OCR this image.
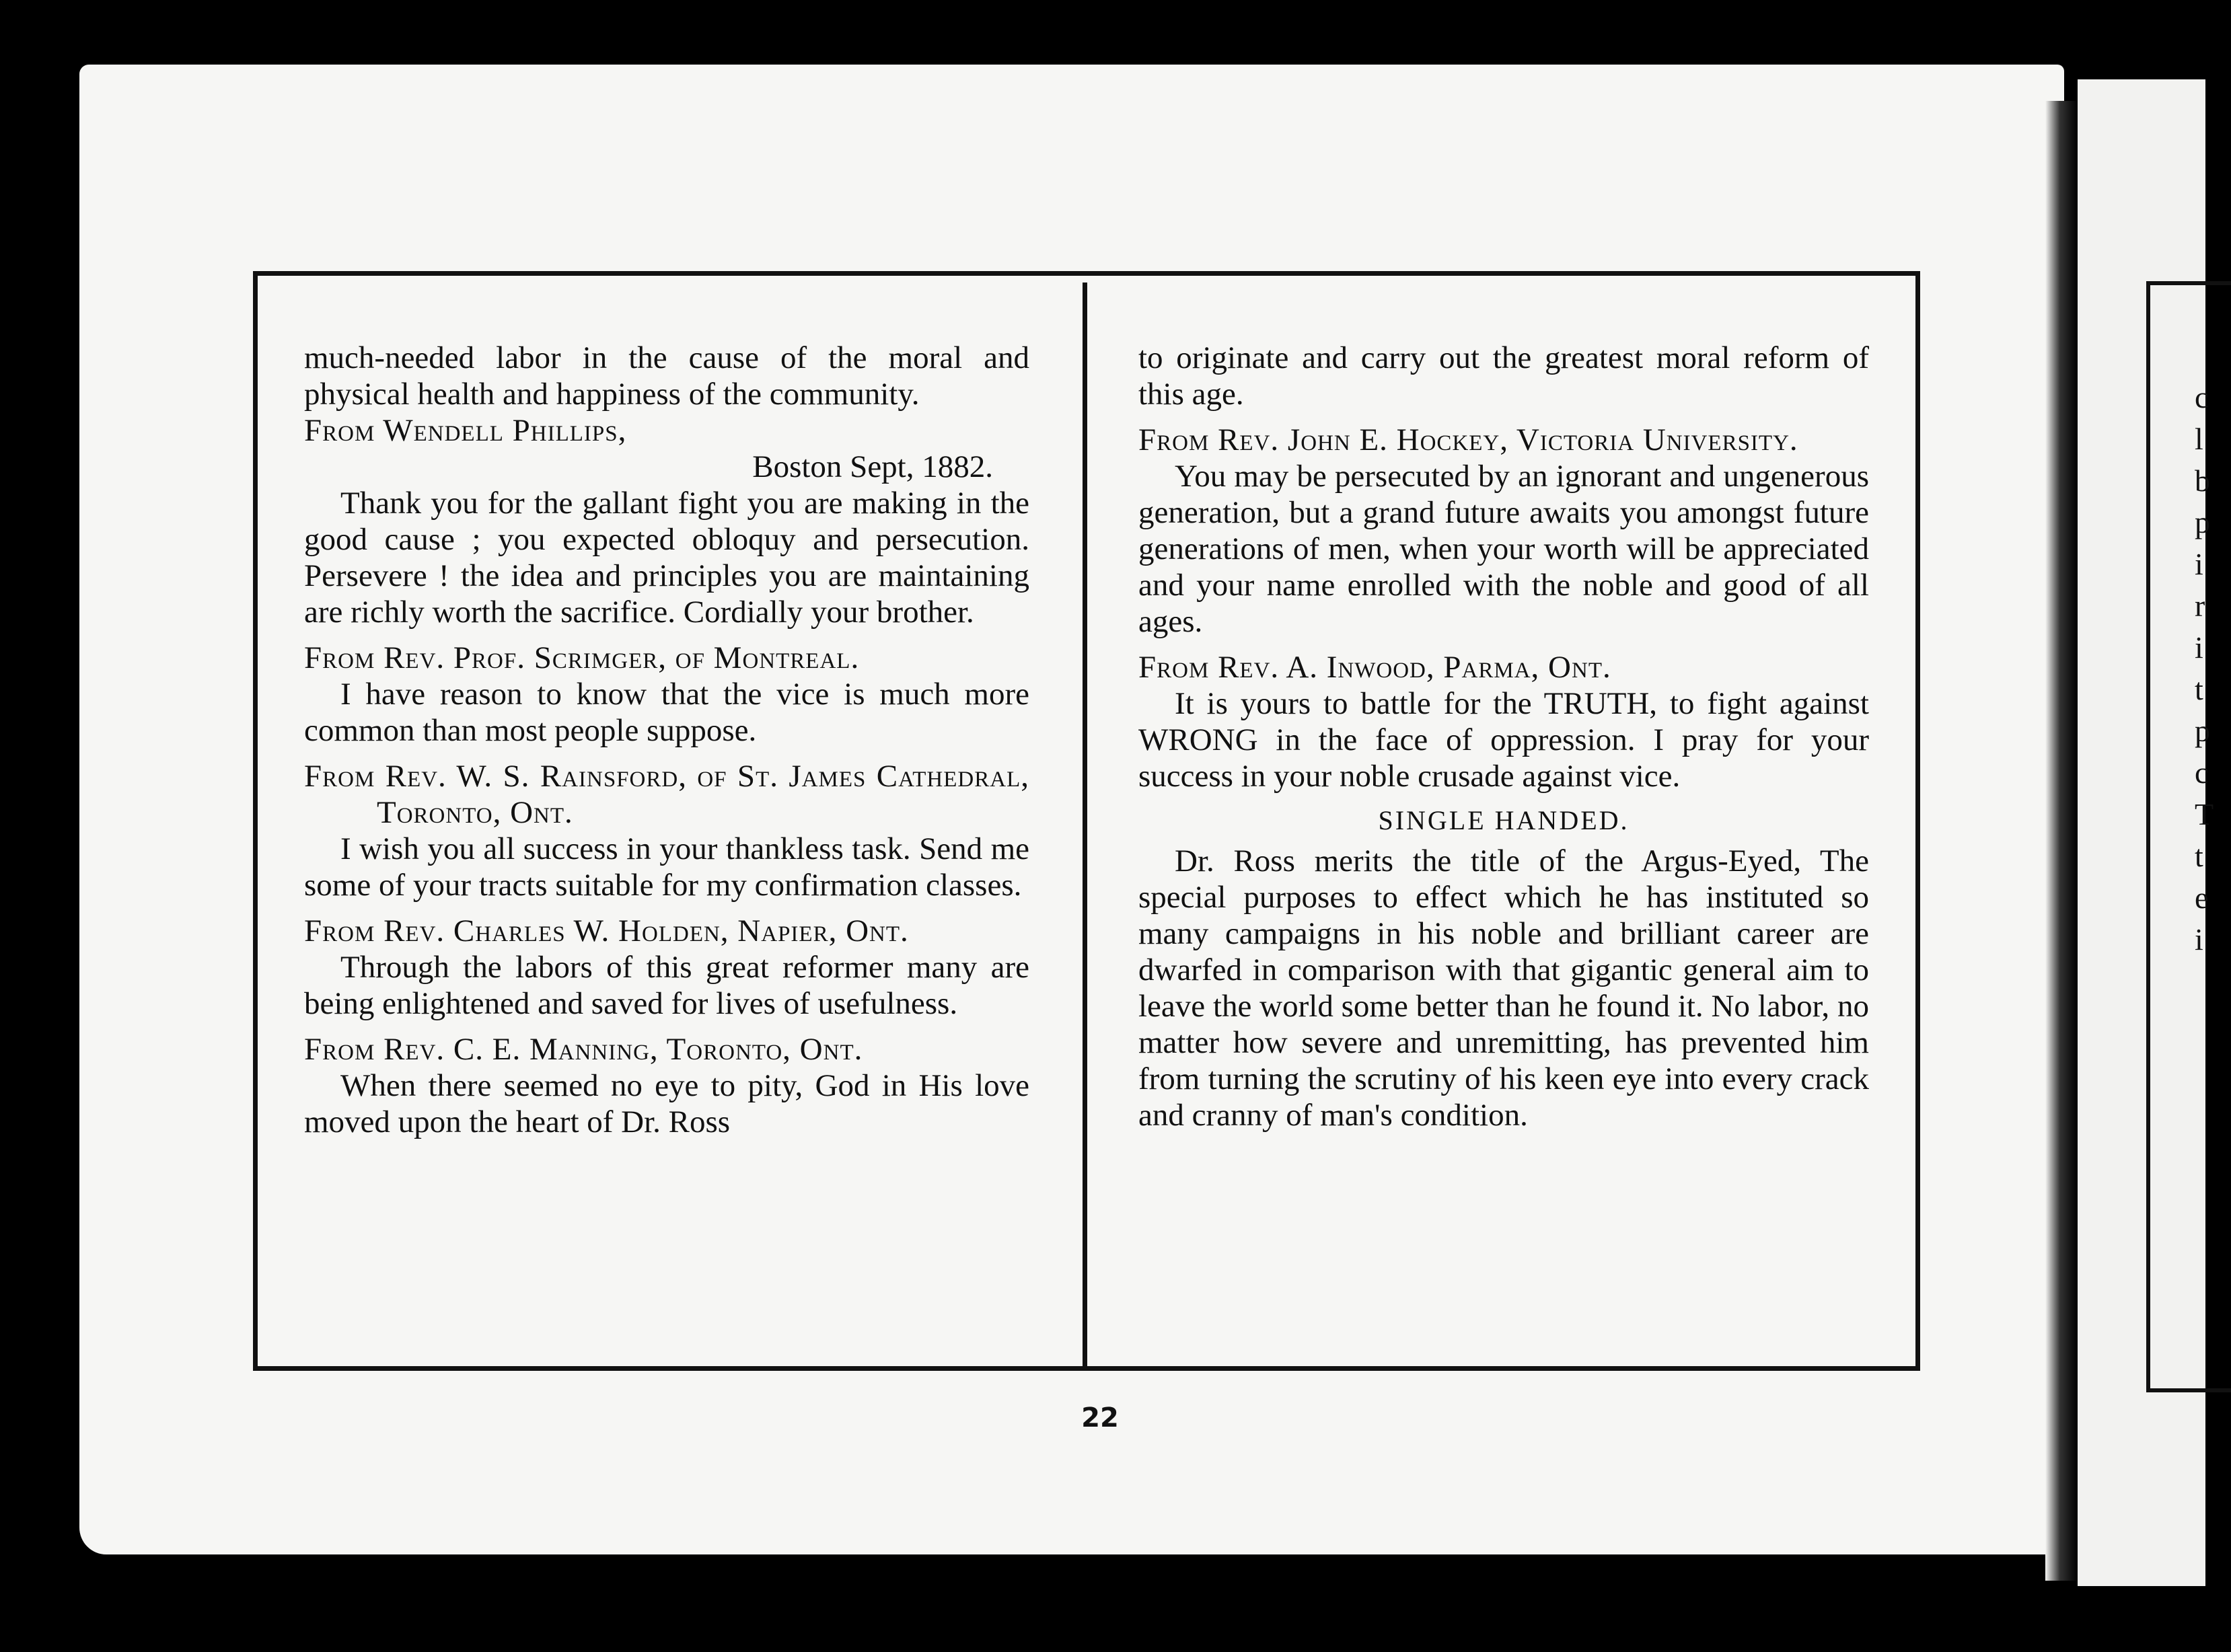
c l b p i r i t p c T t e i

much-needed labor in the cause of the moral and physical health and happiness of the community.

From Wendell Phillips,

Boston Sept, 1882.

Thank you for the gallant fight you are making in the good cause ; you expected obloquy and persecution. Persevere ! the idea and principles you are maintaining are richly worth the sacrifice. Cordially your brother.

From Rev. Prof. Scrimger, of Montreal.

I have reason to know that the vice is much more common than most people suppose.

From Rev. W. S. Rainsford, of St. James Cathedral, Toronto, Ont.

I wish you all success in your thankless task. Send me some of your tracts suitable for my confirmation classes.

From Rev. Charles W. Holden, Napier, Ont.

Through the labors of this great reformer many are being enlightened and saved for lives of usefulness.

From Rev. C. E. Manning, Toronto, Ont.

When there seemed no eye to pity, God in His love moved upon the heart of Dr. Ross

to originate and carry out the greatest moral reform of this age.

From Rev. John E. Hockey, Victoria University.

You may be persecuted by an ignorant and ungenerous generation, but a grand future awaits you amongst future generations of men, when your worth will be appreciated and your name enrolled with the noble and good of all ages.

From Rev. A. Inwood, Parma, Ont.

It is yours to battle for the TRUTH, to fight against WRONG in the face of oppression. I pray for your success in your noble crusade against vice.

SINGLE HANDED.

Dr. Ross merits the title of the Argus-Eyed, The special purposes to effect which he has instituted so many campaigns in his noble and brilliant career are dwarfed in comparison with that gigantic general aim to leave the world some better than he found it. No labor, no matter how severe and unremitting, has prevented him from turning the scrutiny of his keen eye into every crack and cranny of man's condition.

22
